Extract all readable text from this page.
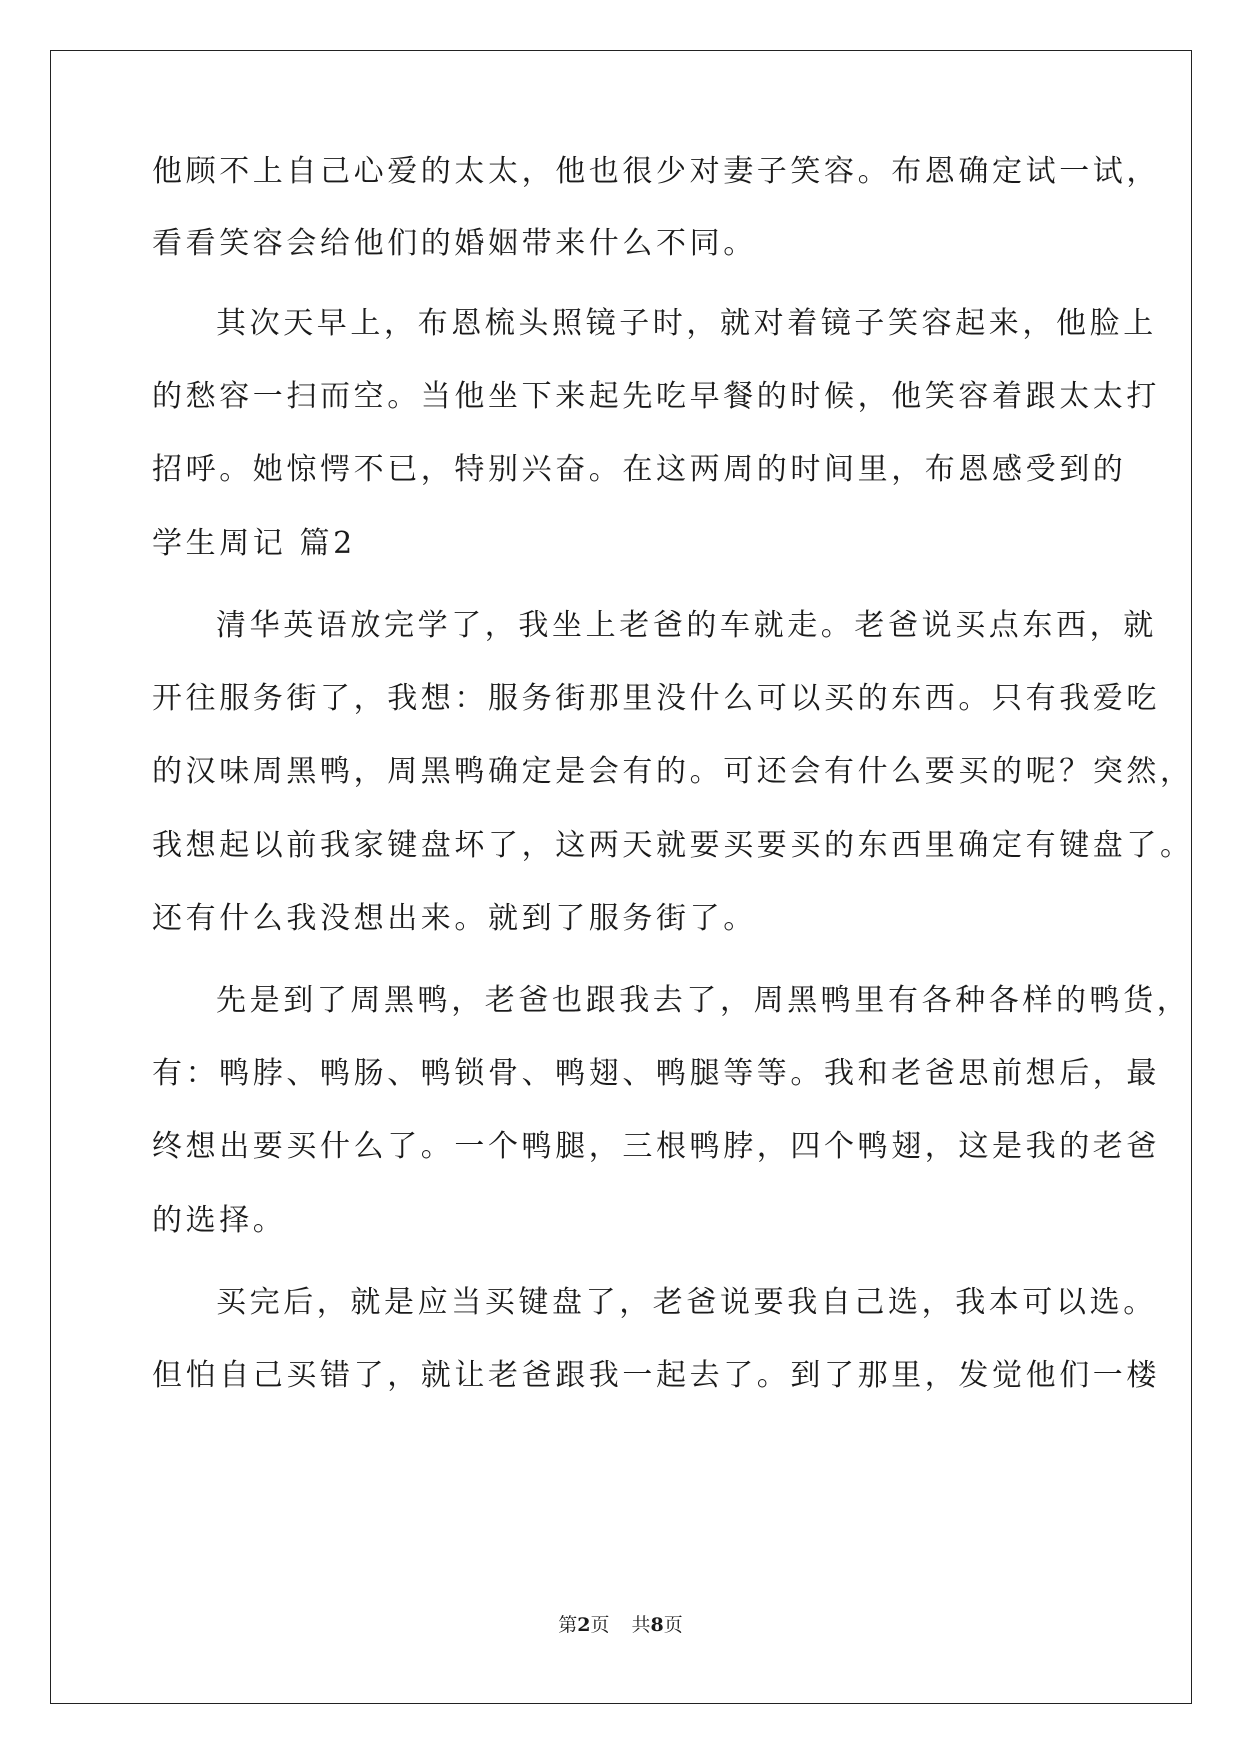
他顾不上自己心爱的太太，他也很少对妻子笑容。布恩确定试一试，

看看笑容会给他们的婚姻带来什么不同。

其次天早上，布恩梳头照镜子时，就对着镜子笑容起来，他脸上

的愁容一扫而空。当他坐下来起先吃早餐的时候，他笑容着跟太太打

招呼。她惊愕不已，特别兴奋。在这两周的时间里，布恩感受到的

学生周记 篇2

清华英语放完学了，我坐上老爸的车就走。老爸说买点东西，就

开往服务街了，我想：服务街那里没什么可以买的东西。只有我爱吃

的汉味周黑鸭，周黑鸭确定是会有的。可还会有什么要买的呢？突然，

我想起以前我家键盘坏了，这两天就要买要买的东西里确定有键盘了。

还有什么我没想出来。就到了服务街了。

先是到了周黑鸭，老爸也跟我去了，周黑鸭里有各种各样的鸭货，

有：鸭脖、鸭肠、鸭锁骨、鸭翅、鸭腿等等。我和老爸思前想后，最

终想出要买什么了。一个鸭腿，三根鸭脖，四个鸭翅，这是我的老爸

的选择。

买完后，就是应当买键盘了，老爸说要我自己选，我本可以选。

但怕自己买错了，就让老爸跟我一起去了。到了那里，发觉他们一楼

第2页 共8页
